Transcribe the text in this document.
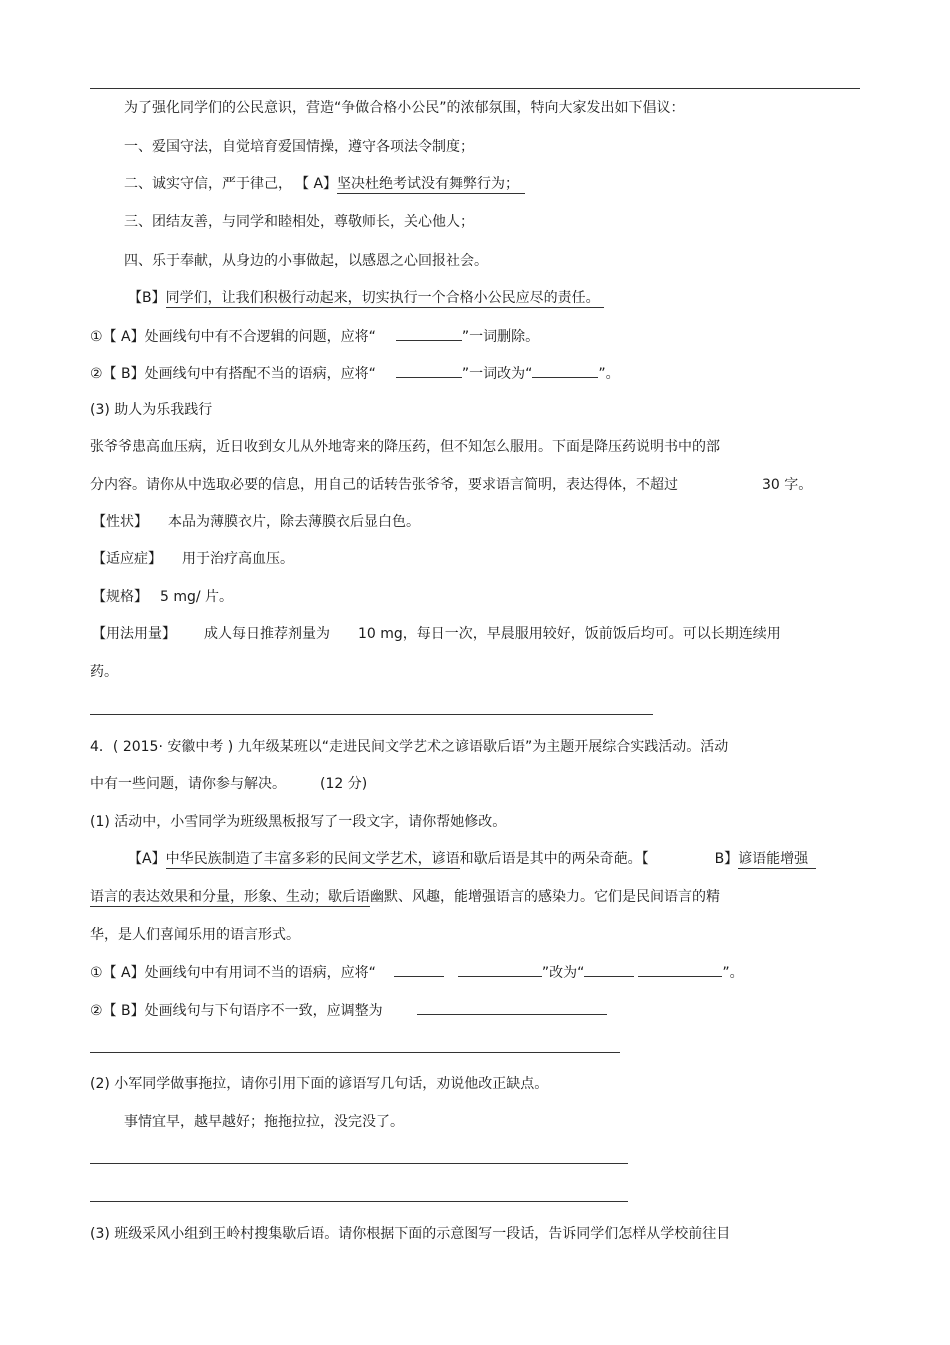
为了强化同学们的公民意识，营造“争做合格小公民”的浓郁氛围，特向大家发出如下倡议：
一、爱国守法，自觉培育爱国情操，遵守各项法令制度；
二、诚实守信，严于律己， 【 A】坚决杜绝考试没有舞弊行为；
三、团结友善，与同学和睦相处，尊敬师长，关心他人；
四、乐于奉献，从身边的小事做起，以感恩之心回报社会。
【B】同学们，让我们积极行动起来，切实执行一个合格小公民应尽的责任。
①【 A】处画线句中有不合逻辑的问题，应将“	”一词删除。
②【 B】处画线句中有搭配不当的语病，应将“	”一词改为“	”。
(3) 助人为乐我践行
张爷爷患高血压病，近日收到女儿从外地寄来的降压药，但不知怎么服用。下面是降压药说明书中的部
分内容。请你从中选取必要的信息，用自己的话转告张爷爷，要求语言简明，表达得体，不超过	30 字。
【性状】 本品为薄膜衣片，除去薄膜衣后显白色。
【适应症】 用于治疗高血压。
【规格】 5 mg/ 片。
【用法用量】 成人每日推荐剂量为 10 mg，每日一次，早晨服用较好，饭前饭后均可。可以长期连续用
药。
4．( 2015· 安徽中考 ) 九年级某班以“走进民间文学艺术之谚语歇后语”为主题开展综合实践活动。活动
中有一些问题，请你参与解决。 (12 分)
(1) 活动中，小雪同学为班级黑板报写了一段文字，请你帮她修改。
【A】中华民族制造了丰富多彩的民间文学艺术，谚语和歇后语是其中的两朵奇葩。【	B】谚语能增强
语言的表达效果和分量，形象、生动；歇后语幽默、风趣，能增强语言的感染力。它们是民间语言的精
华，是人们喜闻乐用的语言形式。
①【 A】处画线句中有用词不当的语病，应将“	”改为“	”。
②【 B】处画线句与下句语序不一致，应调整为
(2) 小军同学做事拖拉，请你引用下面的谚语写几句话，劝说他改正缺点。
事情宜早，越早越好；拖拖拉拉，没完没了。
(3) 班级采风小组到王岭村搜集歇后语。请你根据下面的示意图写一段话，告诉同学们怎样从学校前往目
